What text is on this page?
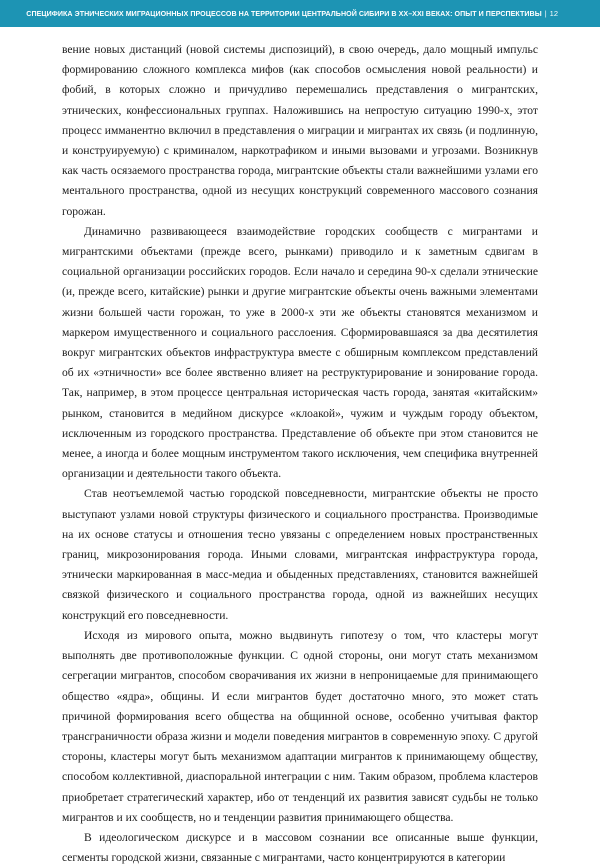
СПЕЦИФИКА ЭТНИЧЕСКИХ МИГРАЦИОННЫХ ПРОЦЕССОВ НА ТЕРРИТОРИИ ЦЕНТРАЛЬНОЙ СИБИРИ В XX–XXI ВЕКАХ: ОПЫТ И ПЕРСПЕКТИВЫ | 12

вение новых дистанций (новой системы диспозиций), в свою очередь, дало мощный импульс формированию сложного комплекса мифов (как способов осмысления новой реальности) и фобий, в которых сложно и причудливо перемешались представления о мигрантских, этнических, конфессиональных группах. Наложившись на непростую ситуацию 1990-х, этот процесс имманентно включил в представления о миграции и мигрантах их связь (и подлинную, и конструируемую) с криминалом, наркотрафиком и иными вызовами и угрозами. Возникнув как часть осязаемого пространства города, мигрантские объекты стали важнейшими узлами его ментального пространства, одной из несущих конструкций современного массового сознания горожан.

Динамично развивающееся взаимодействие городских сообществ с мигрантами и мигрантскими объектами (прежде всего, рынками) приводило и к заметным сдвигам в социальной организации российских городов. Если начало и середина 90-х сделали этнические (и, прежде всего, китайские) рынки и другие мигрантские объекты очень важными элементами жизни большей части горожан, то уже в 2000-х эти же объекты становятся механизмом и маркером имущественного и социального расслоения. Сформировавшаяся за два десятилетия вокруг мигрантских объектов инфраструктура вместе с обширным комплексом представлений об их «этничности» все более явственно влияет на реструктурирование и зонирование города. Так, например, в этом процессе центральная историческая часть города, занятая «китайским» рынком, становится в медийном дискурсе «клоакой», чужим и чуждым городу объектом, исключенным из городского пространства. Представление об объекте при этом становится не менее, а иногда и более мощным инструментом такого исключения, чем специфика внутренней организации и деятельности такого объекта.

Став неотъемлемой частью городской повседневности, мигрантские объекты не просто выступают узлами новой структуры физического и социального пространства. Производимые на их основе статусы и отношения тесно увязаны с определением новых пространственных границ, микрозонирования города. Иными словами, мигрантская инфраструктура города, этнически маркированная в масс-медиа и обыденных представлениях, становится важнейшей связкой физического и социального пространства города, одной из важнейших несущих конструкций его повседневности.

Исходя из мирового опыта, можно выдвинуть гипотезу о том, что кластеры могут выполнять две противоположные функции. С одной стороны, они могут стать механизмом сегрегации мигрантов, способом сворачивания их жизни в непроницаемые для принимающего общество «ядра», общины. И если мигрантов будет достаточно много, это может стать причиной формирования всего общества на общинной основе, особенно учитывая фактор трансграничности образа жизни и модели поведения мигрантов в современную эпоху. С другой стороны, кластеры могут быть механизмом адаптации мигрантов к принимающему обществу, способом коллективной, диаспоральной интеграции с ним. Таким образом, проблема кластеров приобретает стратегический характер, ибо от тенденций их развития зависят судьбы не только мигрантов и их сообществ, но и тенденции развития принимающего общества.

В идеологическом дискурсе и в массовом сознании все описанные выше функции, сегменты городской жизни, связанные с мигрантами, часто концентрируются в категории
